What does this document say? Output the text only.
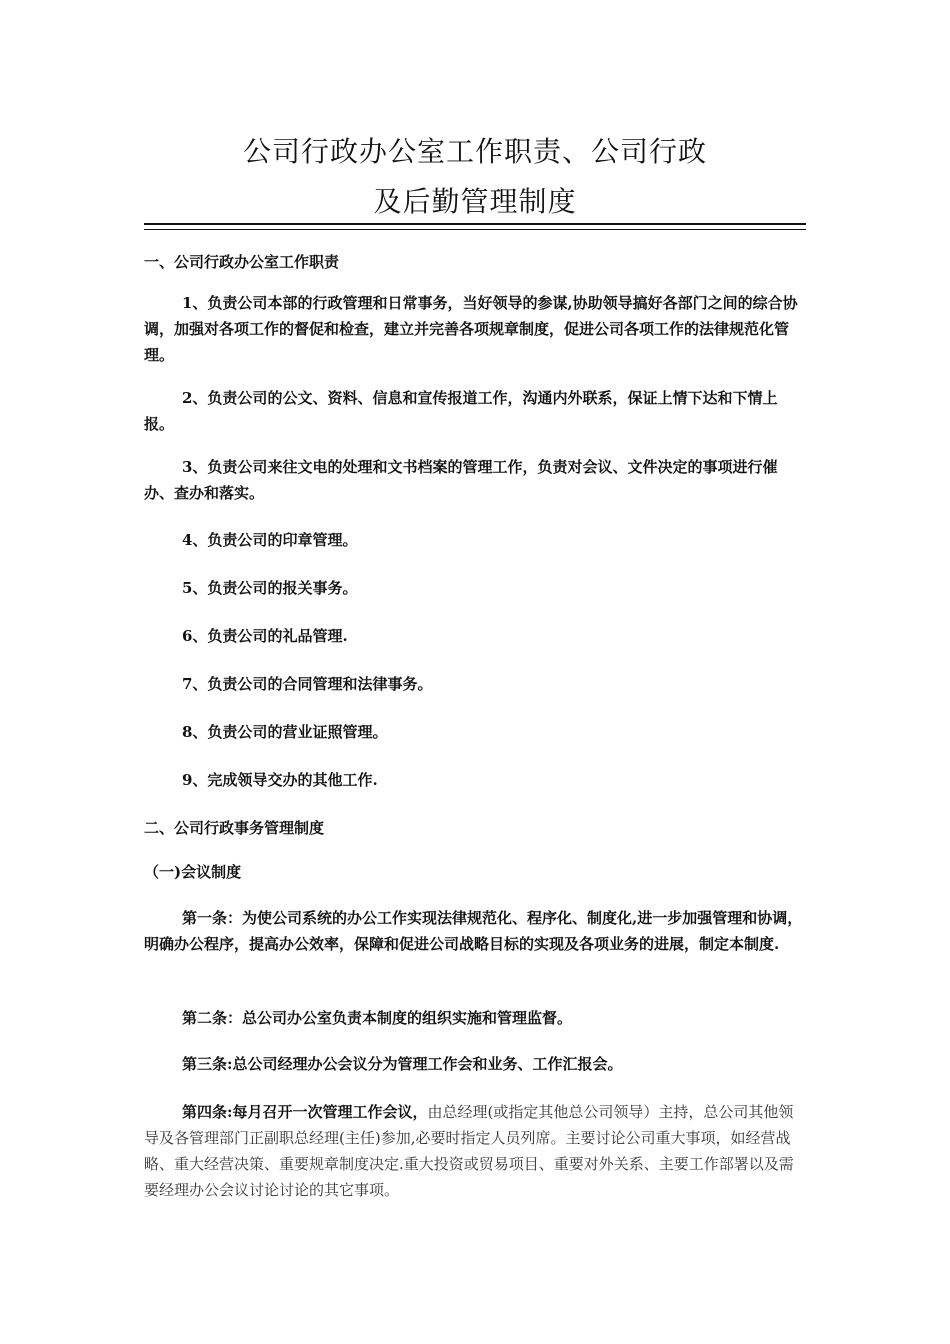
公司行政办公室工作职责、公司行政
及后勤管理制度
一、公司行政办公室工作职责
1、负责公司本部的行政管理和日常事务，当好领导的参谋,协助领导搞好各部门之间的综合协调，加强对各项工作的督促和检查，建立并完善各项规章制度，促进公司各项工作的法律规范化管理。
2、负责公司的公文、资料、信息和宣传报道工作，沟通内外联系，保证上情下达和下情上报。
3、负责公司来往文电的处理和文书档案的管理工作，负责对会议、文件决定的事项进行催办、查办和落实。
4、负责公司的印章管理。
5、负责公司的报关事务。
6、负责公司的礼品管理.
7、负责公司的合同管理和法律事务。
8、负责公司的营业证照管理。
9、完成领导交办的其他工作.
二、公司行政事务管理制度
（一)会议制度
第一条：为使公司系统的办公工作实现法律规范化、程序化、制度化,进一步加强管理和协调，明确办公程序，提高办公效率，保障和促进公司战略目标的实现及各项业务的进展，制定本制度.
第二条：总公司办公室负责本制度的组织实施和管理监督。
第三条:总公司经理办公会议分为管理工作会和业务、工作汇报会。
第四条:每月召开一次管理工作会议，由总经理(或指定其他总公司领导）主持，总公司其他领导及各管理部门正副职总经理(主任)参加,必要时指定人员列席。主要讨论公司重大事项，如经营战略、重大经营决策、重要规章制度决定.重大投资或贸易项目、重要对外关系、主要工作部署以及需要经理办公会议讨论讨论的其它事项。
